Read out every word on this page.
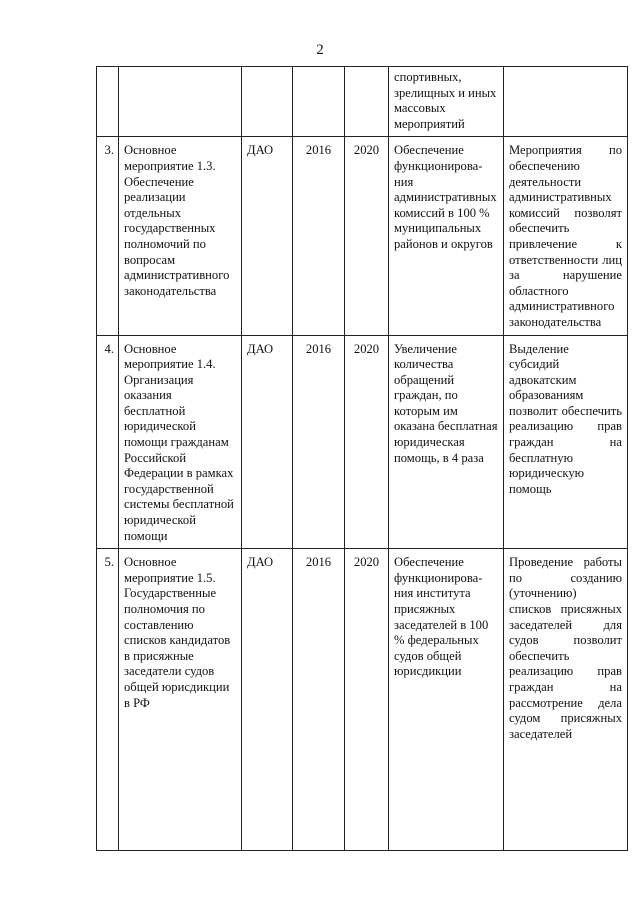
2
					спортивных, зрелищных и иных массовых мероприятий	
3.	Основное мероприятие 1.3. Обеспечение реализации отдельных государственных полномочий по вопросам административного законодательства	ДАО	2016	2020	Обеспечение функционирова-ния административных комиссий в 100 % муниципальных районов и округов	Мероприятия по обеспечению деятельности административных комиссий позволят обеспечить привлечение к ответственности лиц за нарушение областного административного законодательства
4.	Основное мероприятие 1.4. Организация оказания бесплатной юридической помощи гражданам Российской Федерации в рамках государственной системы бесплатной юридической помощи	ДАО	2016	2020	Увеличение количества обращений граждан, по которым им оказана бесплатная юридическая помощь, в 4 раза	Выделение субсидий адвокатским образованиям позволит обеспечить реализацию прав граждан на бесплатную юридическую помощь
5.	Основное мероприятие 1.5. Государственные полномочия по составлению списков кандидатов в присяжные заседатели судов общей юрисдикции в РФ	ДАО	2016	2020	Обеспечение функционирова-ния института присяжных заседателей в 100 % федеральных судов общей юрисдикции	Проведение работы по созданию (уточнению) списков присяжных заседателей для судов позволит обеспечить реализацию прав граждан на рассмотрение дела судом присяжных заседателей
